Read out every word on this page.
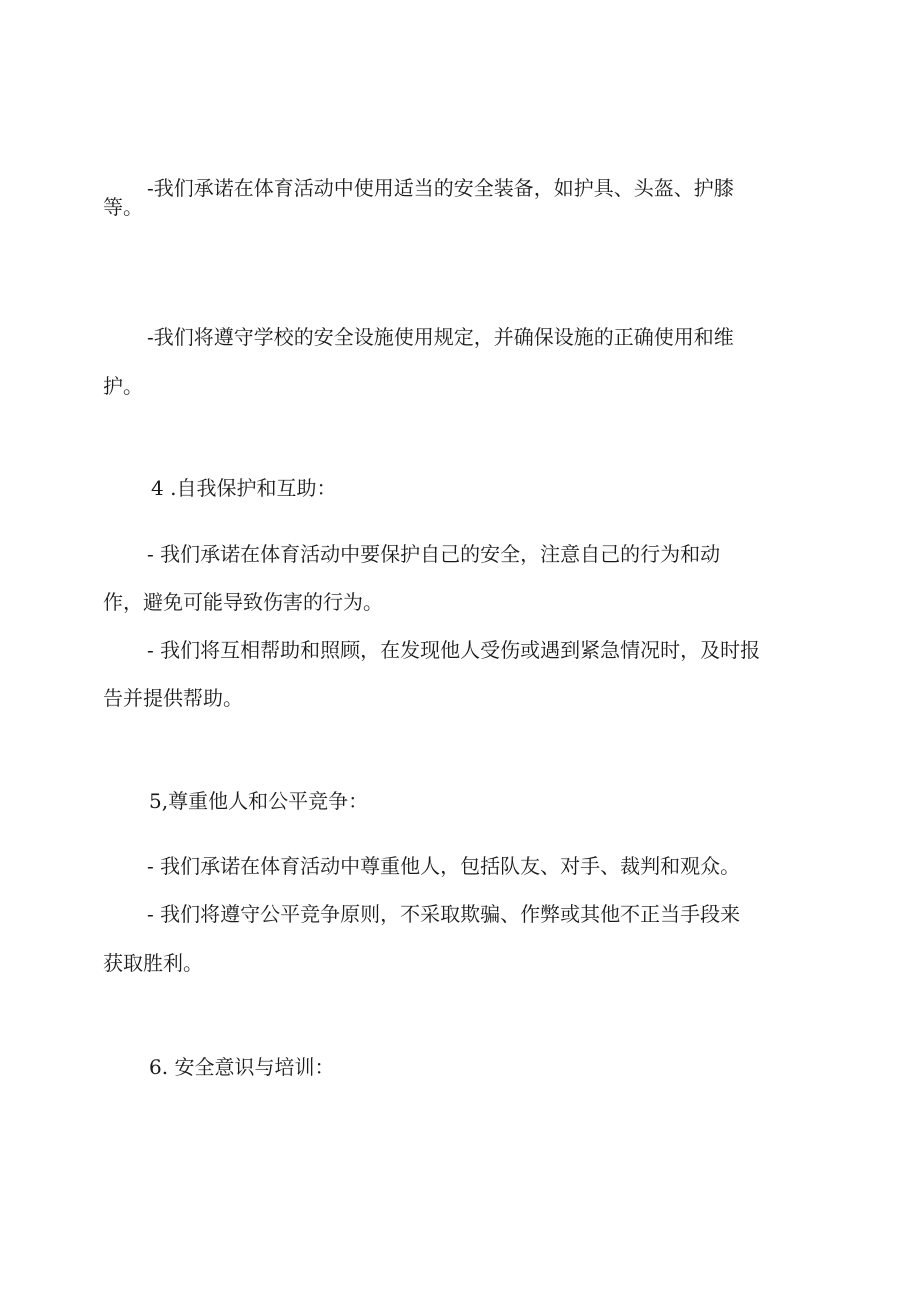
-我们承诺在体育活动中使用适当的安全装备，如护具、头盔、护膝
等。
-我们将遵守学校的安全设施使用规定，并确保设施的正确使用和维
护。
4 .自我保护和互助：
- 我们承诺在体育活动中要保护自己的安全，注意自己的行为和动
作，避免可能导致伤害的行为。
- 我们将互相帮助和照顾，在发现他人受伤或遇到紧急情况时，及时报
告并提供帮助。
5,尊重他人和公平竞争：
- 我们承诺在体育活动中尊重他人，包括队友、对手、裁判和观众。
- 我们将遵守公平竞争原则，不采取欺骗、作弊或其他不正当手段来
获取胜利。
6. 安全意识与培训：
